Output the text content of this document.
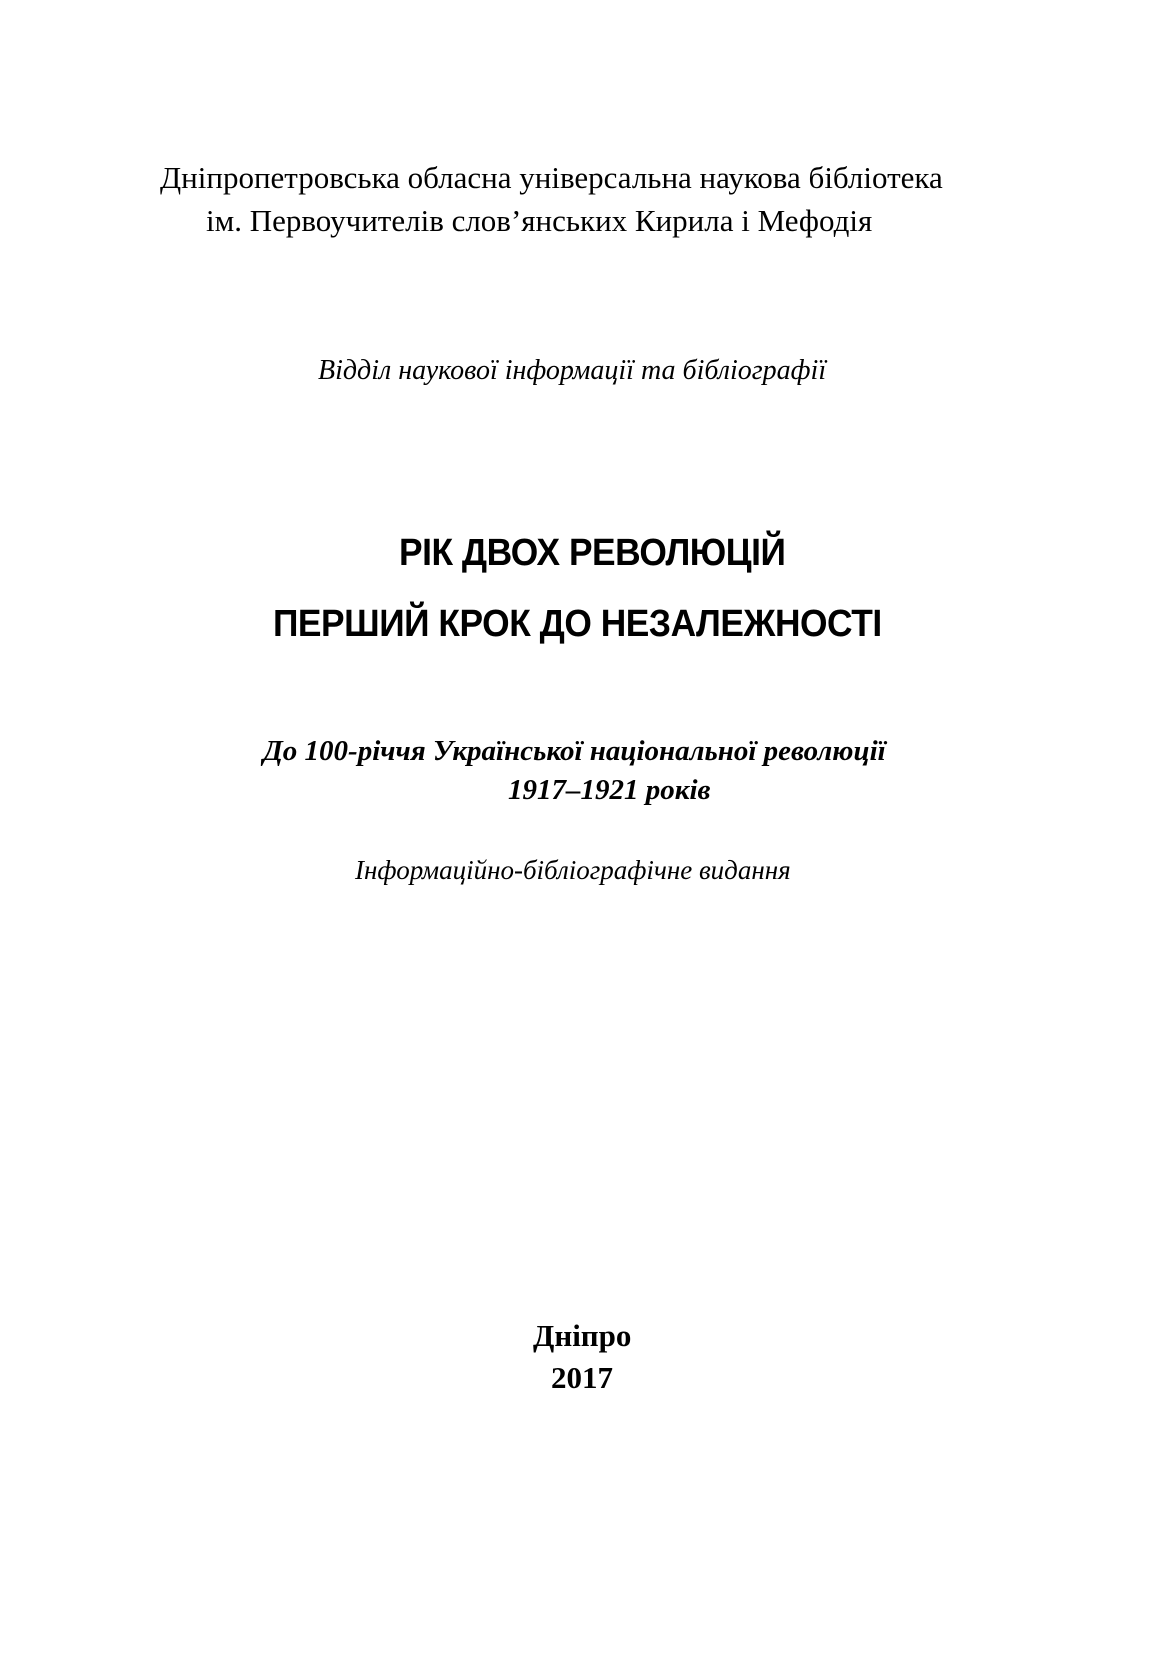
Дніпропетровська обласна універсальна наукова бібліотека
ім. Первоучителів слов’янських Кирила і Мефодія
Відділ наукової інформації та бібліографії
РІК ДВОХ РЕВОЛЮЦІЙ
ПЕРШИЙ КРОК ДО НЕЗАЛЕЖНОСТІ
До 100-річчя Української національної революції
1917–1921 років
Інформаційно-бібліографічне видання
Дніпро
2017
